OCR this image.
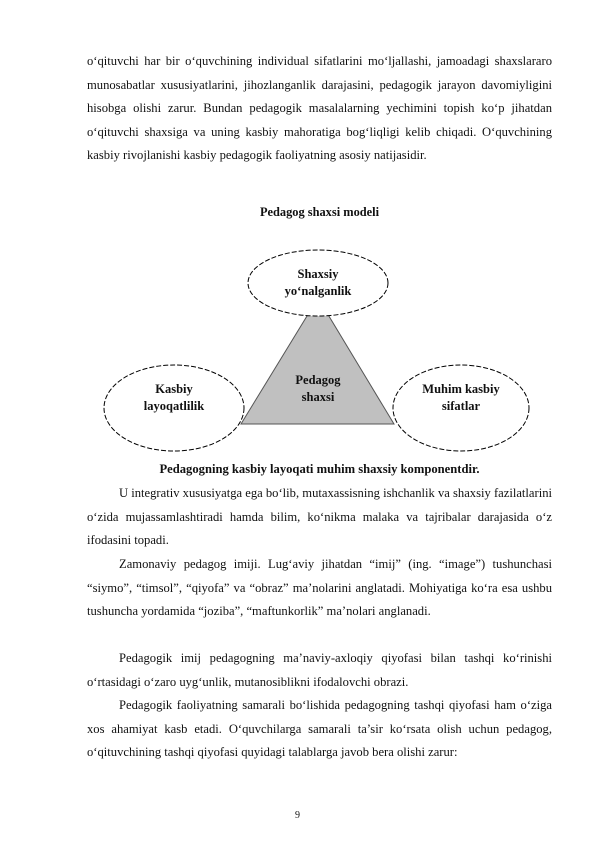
o‘qituvchi har bir o‘quvchining individual sifatlarini mo‘ljallashi, jamoadagi shaxslararo munosabatlar xususiyatlarini, jihozlanganlik darajasini, pedagogik jarayon davomiyligini hisobga olishi zarur. Bundan pedagogik masalalarning yechimini topish ko‘p jihatdan o‘qituvchi shaxsiga va uning kasbiy mahoratiga bog‘liqligi kelib chiqadi. O‘quvchining kasbiy rivojlanishi kasbiy pedagogik faoliyatning asosiy natijasidir.

Pedagog shaxsi modeli

Shaxsiy
yo‘nalganlik
Pedagog
shaxsi
Kasbiy
layoqatlilik
Muhim kasbiy
sifatlar

Pedagogning kasbiy layoqati muhim shaxsiy komponentdir.

U integrativ xususiyatga ega bo‘lib, mutaxassisning ishchanlik va shaxsiy fazilatlarini o‘zida mujassamlashtiradi hamda bilim, ko‘nikma malaka va tajribalar darajasida o‘z ifodasini topadi.

Zamonaviy pedagog imiji. Lug‘aviy jihatdan “imij” (ing. “image”) tushunchasi “siymo”, “timsol”, “qiyofa” va “obraz” ma’nolarini anglatadi. Mohiyatiga ko‘ra esa ushbu tushuncha yordamida “joziba”, “maftunkorlik” ma’nolari anglanadi.

Pedagogik imij pedagogning ma’naviy-axloqiy qiyofasi bilan tashqi ko‘rinishi o‘rtasidagi o‘zaro uyg‘unlik, mutanosiblikni ifodalovchi obrazi.

Pedagogik faoliyatning samarali bo‘lishida pedagogning tashqi qiyofasi ham o‘ziga xos ahamiyat kasb etadi. O‘quvchilarga samarali ta’sir ko‘rsata olish uchun pedagog, o‘qituvchining tashqi qiyofasi quyidagi talablarga javob bera olishi zarur:

9
